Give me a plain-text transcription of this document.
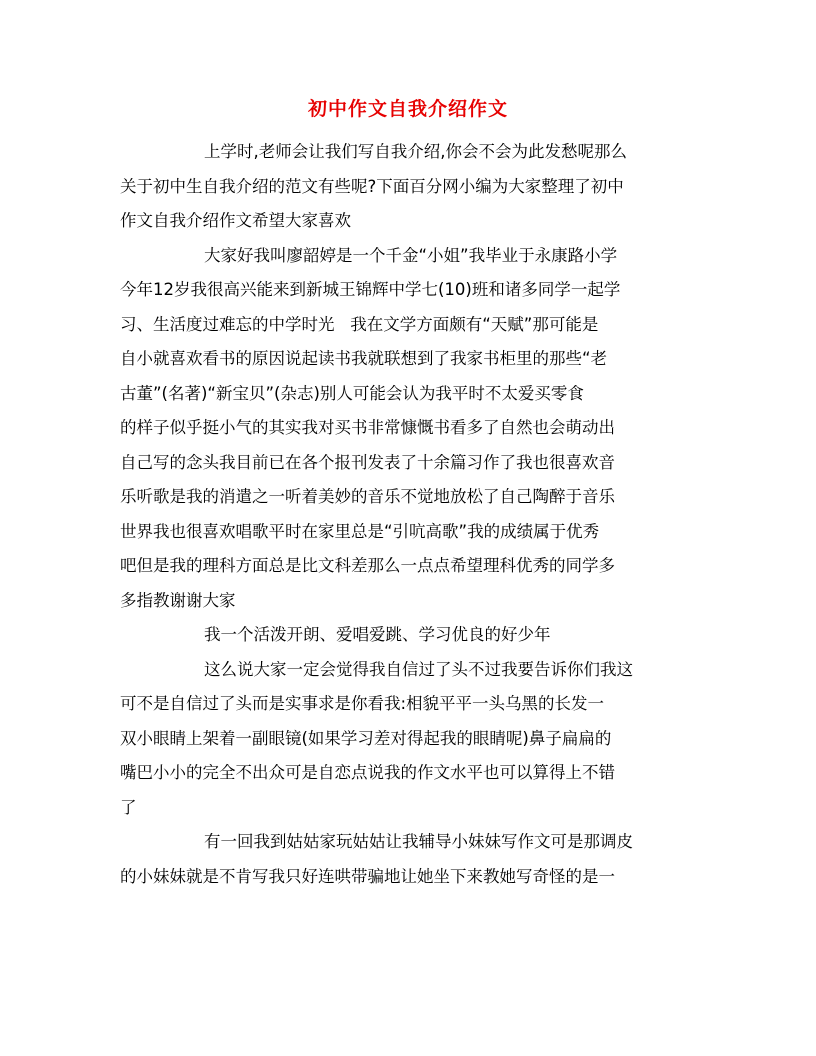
初中作文自我介绍作文
上学时,老师会让我们写自我介绍,你会不会为此发愁呢那么
关于初中生自我介绍的范文有些呢?下面百分网小编为大家整理了初中
作文自我介绍作文希望大家喜欢
大家好我叫廖韶婷是一个千金“小姐”我毕业于永康路小学
今年12岁我很高兴能来到新城王锦辉中学七(10)班和诸多同学一起学
习、生活度过难忘的中学时光   我在文学方面颇有“天赋”那可能是
自小就喜欢看书的原因说起读书我就联想到了我家书柜里的那些“老
古董”(名著)“新宝贝”(杂志)别人可能会认为我平时不太爱买零食
的样子似乎挺小气的其实我对买书非常慷慨书看多了自然也会萌动出
自己写的念头我目前已在各个报刊发表了十余篇习作了我也很喜欢音
乐听歌是我的消遣之一听着美妙的音乐不觉地放松了自己陶醉于音乐
世界我也很喜欢唱歌平时在家里总是“引吭高歌”我的成绩属于优秀
吧但是我的理科方面总是比文科差那么一点点希望理科优秀的同学多
多指教谢谢大家
我一个活泼开朗、爱唱爱跳、学习优良的好少年
这么说大家一定会觉得我自信过了头不过我要告诉你们我这
可不是自信过了头而是实事求是你看我:相貌平平一头乌黑的长发一
双小眼睛上架着一副眼镜(如果学习差对得起我的眼睛呢)鼻子扁扁的
嘴巴小小的完全不出众可是自恋点说我的作文水平也可以算得上不错
了
有一回我到姑姑家玩姑姑让我辅导小妹妹写作文可是那调皮
的小妹妹就是不肯写我只好连哄带骗地让她坐下来教她写奇怪的是一
